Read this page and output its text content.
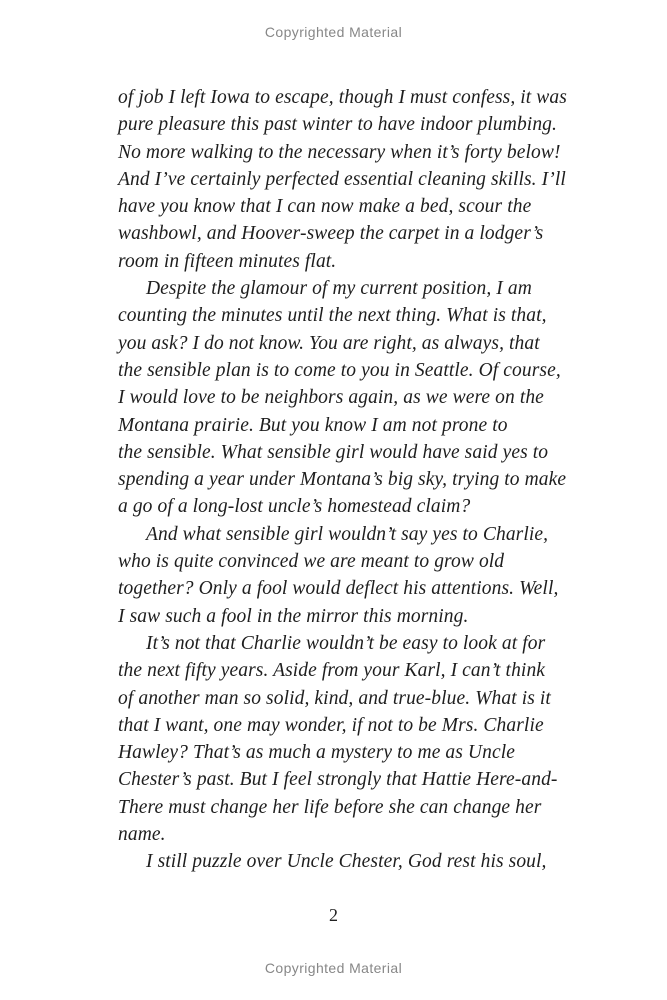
Copyrighted Material
of job I left Iowa to escape, though I must confess, it was
pure pleasure this past winter to have indoor plumbing.
No more walking to the necessary when it’s forty below!
And I’ve certainly perfected essential cleaning skills. I’ll
have you know that I can now make a bed, scour the
washbowl, and Hoover-sweep the carpet in a lodger’s
room in fifteen minutes flat.
Despite the glamour of my current position, I am
counting the minutes until the next thing. What is that,
you ask? I do not know. You are right, as always, that
the sensible plan is to come to you in Seattle. Of course,
I would love to be neighbors again, as we were on the
Montana prairie. But you know I am not prone to
the sensible. What sensible girl would have said yes to
spending a year under Montana’s big sky, trying to make
a go of a long-lost uncle’s homestead claim?
And what sensible girl wouldn’t say yes to Charlie,
who is quite convinced we are meant to grow old
together? Only a fool would deflect his attentions. Well,
I saw such a fool in the mirror this morning.
It’s not that Charlie wouldn’t be easy to look at for
the next fifty years. Aside from your Karl, I can’t think
of another man so solid, kind, and true-blue. What is it
that I want, one may wonder, if not to be Mrs. Charlie
Hawley? That’s as much a mystery to me as Uncle
Chester’s past. But I feel strongly that Hattie Here-and-
There must change her life before she can change her
name.
I still puzzle over Uncle Chester, God rest his soul,
2
Copyrighted Material
